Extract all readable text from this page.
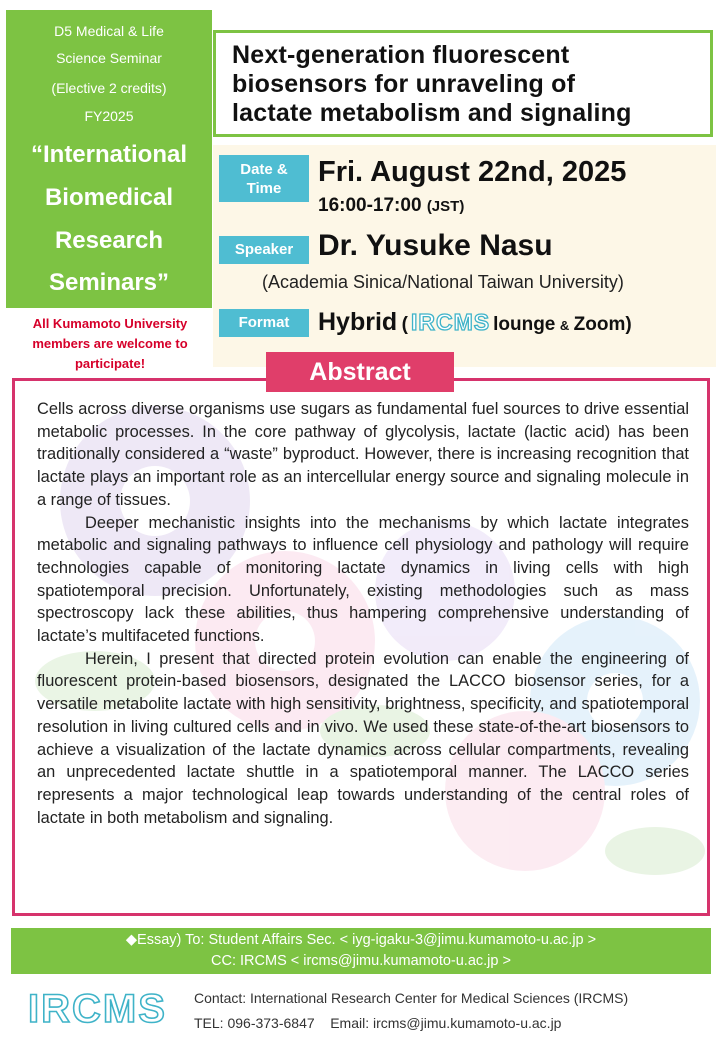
D5 Medical & Life
Science Seminar
(Elective 2 credits)
FY2025
“International
Biomedical
Research
Seminars”
All Kumamoto University
members are welcome to
participate!
Next-generation fluorescent
biosensors for unraveling of
lactate metabolism and signaling
Date &
Time
Fri. August 22nd, 2025
16:00-17:00 (JST)
Speaker Dr. Yusuke Nasu
(Academia Sinica/National Taiwan University)
Format	Hybrid ( IRCMS lounge & Zoom)

Cells across diverse organisms use sugars as fundamental fuel sources to drive essential metabolic processes. In the core pathway of glycolysis, lactate (lactic acid) has been traditionally considered a “waste” byproduct. However, there is increasing recognition that lactate plays an important role as an intercellular energy source and signaling molecule in a range of tissues.

Deeper mechanistic insights into the mechanisms by which lactate integrates metabolic and signaling pathways to influence cell physiology and pathology will require technologies capable of monitoring lactate dynamics in living cells with high spatiotemporal precision. Unfortunately, existing methodologies such as mass spectroscopy lack these abilities, thus hampering comprehensive understanding of lactate’s multifaceted functions.

Herein, I present that directed protein evolution can enable the engineering of fluorescent protein-based biosensors, designated the LACCO biosensor series, for a versatile metabolite lactate with high sensitivity, brightness, specificity, and spatiotemporal resolution in living cultured cells and in vivo. We used these state-of-the-art biosensors to achieve a visualization of the lactate dynamics across cellular compartments, revealing an unprecedented lactate shuttle in a spatiotemporal manner. The LACCO series represents a major technological leap towards understanding of the central roles of lactate in both metabolism and signaling.

Abstract
◆Essay) To: Student Affairs Sec. < iyg-igaku-3@jimu.kumamoto-u.ac.jp >
CC: IRCMS < ircms@jimu.kumamoto-u.ac.jp >
IRCMS Contact: International Research Center for Medical Sciences (IRCMS)
TEL: 096-373-6847    Email: ircms@jimu.kumamoto-u.ac.jp
